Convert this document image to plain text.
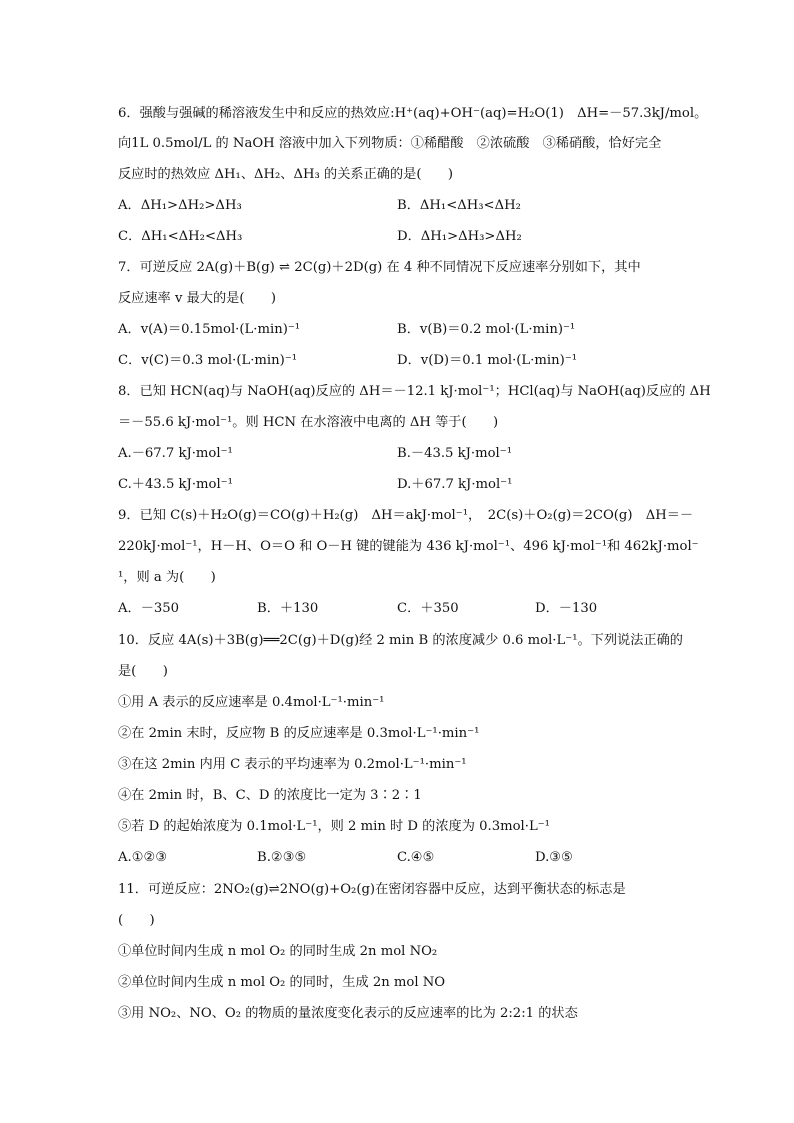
6．强酸与强碱的稀溶液发生中和反应的热效应:H⁺(aq)+OH⁻(aq)=H₂O(1)　ΔH=－57.3kJ/mol。
向1L 0.5mol/L 的 NaOH 溶液中加入下列物质：①稀醋酸　②浓硫酸　③稀硝酸，恰好完全
反应时的热效应 ΔH₁、ΔH₂、ΔH₃ 的关系正确的是(　　)
A．ΔH₁>ΔH₂>ΔH₃	B．ΔH₁<ΔH₃<ΔH₂
C．ΔH₁<ΔH₂<ΔH₃	D．ΔH₁>ΔH₃>ΔH₂
7．可逆反应 2A(g)＋B(g) ⇌ 2C(g)＋2D(g) 在 4 种不同情况下反应速率分别如下，其中
反应速率 v 最大的是(　　)
A．v(A)＝0.15mol·(L·min)⁻¹	B．v(B)＝0.2 mol·(L·min)⁻¹
C．v(C)＝0.3 mol·(L·min)⁻¹	D．v(D)＝0.1 mol·(L·min)⁻¹
8．已知 HCN(aq)与 NaOH(aq)反应的 ΔH＝－12.1 kJ·mol⁻¹；HCl(aq)与 NaOH(aq)反应的 ΔH
＝－55.6 kJ·mol⁻¹。则 HCN 在水溶液中电离的 ΔH 等于(　　)
A.－67.7 kJ·mol⁻¹	B.－43.5 kJ·mol⁻¹
C.＋43.5 kJ·mol⁻¹	D.＋67.7 kJ·mol⁻¹
9．已知 C(s)＋H₂O(g)＝CO(g)＋H₂(g)　ΔH＝akJ·mol⁻¹，　2C(s)＋O₂(g)＝2CO(g)　ΔH＝－
220kJ·mol⁻¹，H－H、O＝O 和 O－H 键的键能为 436 kJ·mol⁻¹、496 kJ·mol⁻¹和 462kJ·mol⁻
¹，则 a 为(　　)
A．－350	B．＋130	C．＋350	D．－130
10．反应 4A(s)＋3B(g)══2C(g)＋D(g)经 2 min B 的浓度减少 0.6 mol·L⁻¹。下列说法正确的
是(　　)
①用 A 表示的反应速率是 0.4mol·L⁻¹·min⁻¹
②在 2min 末时，反应物 B 的反应速率是 0.3mol·L⁻¹·min⁻¹
③在这 2min 内用 C 表示的平均速率为 0.2mol·L⁻¹·min⁻¹
④在 2min 时，B、C、D 的浓度比一定为 3∶2∶1
⑤若 D 的起始浓度为 0.1mol·L⁻¹，则 2 min 时 D 的浓度为 0.3mol·L⁻¹
A.①②③	B.②③⑤	C.④⑤	D.③⑤
11．可逆反应：2NO₂(g)⇌2NO(g)+O₂(g)在密闭容器中反应，达到平衡状态的标志是
(　　)
①单位时间内生成 n mol O₂ 的同时生成 2n mol NO₂
②单位时间内生成 n mol O₂ 的同时，生成 2n mol NO
③用 NO₂、NO、O₂ 的物质的量浓度变化表示的反应速率的比为 2:2:1 的状态
